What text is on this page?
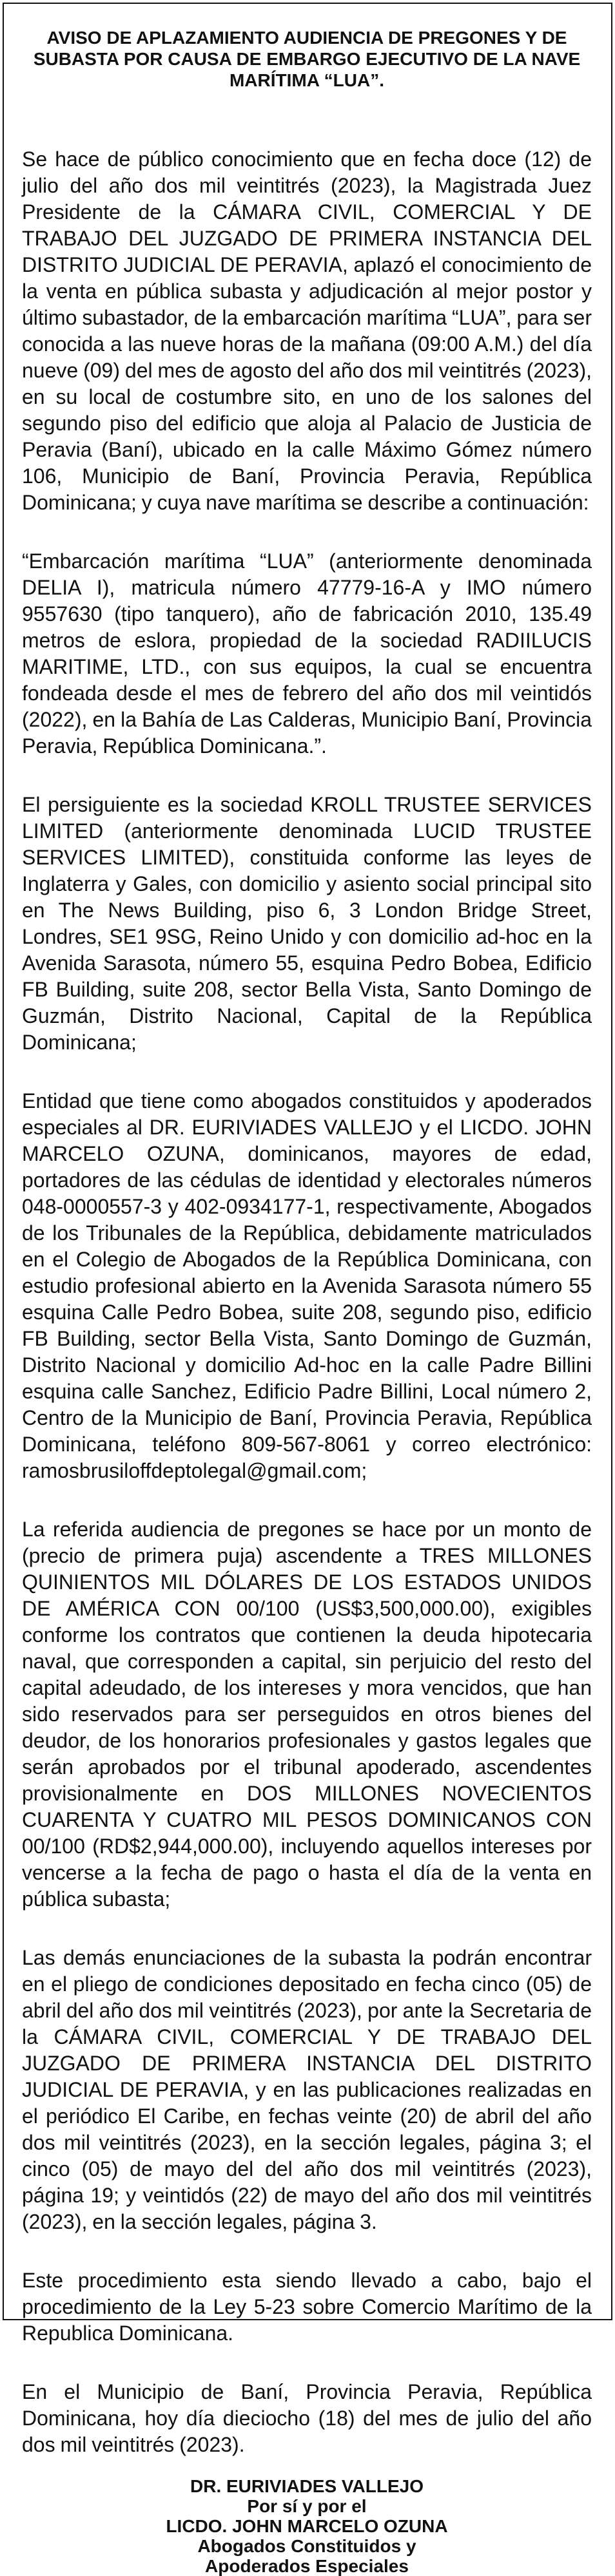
AVISO DE APLAZAMIENTO AUDIENCIA DE PREGONES Y DE SUBASTA POR CAUSA DE EMBARGO EJECUTIVO DE LA NAVE MARÍTIMA “LUA”.

Se hace de público conocimiento que en fecha doce (12) de julio del año dos mil veintitrés (2023), la Magistrada Juez Presidente de la CÁMARA CIVIL, COMERCIAL Y DE TRABAJO DEL JUZGADO DE PRIMERA INSTANCIA DEL DISTRITO JUDICIAL DE PERAVIA, aplazó el conocimiento de la venta en pública subasta y adjudicación al mejor postor y último subastador, de la embarcación marítima “LUA”, para ser conocida a las nueve horas de la mañana (09:00 A.M.) del día nueve (09) del mes de agosto del año dos mil veintitrés (2023), en su local de costumbre sito, en uno de los salones del segundo piso del edificio que aloja al Palacio de Justicia de Peravia (Baní), ubicado en la calle Máximo Gómez número 106, Municipio de Baní, Provincia Peravia, República Dominicana; y cuya nave marítima se describe a continuación:

“Embarcación marítima “LUA” (anteriormente denominada DELIA I), matricula número 47779-16-A y IMO número 9557630 (tipo tanquero), año de fabricación 2010, 135.49 metros de eslora, propiedad de la sociedad RADIILUCIS MARITIME, LTD., con sus equipos, la cual se encuentra fondeada desde el mes de febrero del año dos mil veintidós (2022), en la Bahía de Las Calderas, Municipio Baní, Provincia Peravia, República Dominicana.”.

El persiguiente es la sociedad KROLL TRUSTEE SERVICES LIMITED (anteriormente denominada LUCID TRUSTEE SERVICES LIMITED), constituida conforme las leyes de Inglaterra y Gales, con domicilio y asiento social principal sito en The News Building, piso 6, 3 London Bridge Street, Londres, SE1 9SG, Reino Unido y con domicilio ad-hoc en la Avenida Sarasota, número 55, esquina Pedro Bobea, Edificio FB Building, suite 208, sector Bella Vista, Santo Domingo de Guzmán, Distrito Nacional, Capital de la República Dominicana;

Entidad que tiene como abogados constituidos y apoderados especiales al DR. EURIVIADES VALLEJO y el LICDO. JOHN MARCELO OZUNA, dominicanos, mayores de edad, portadores de las cédulas de identidad y electorales números 048-0000557-3 y 402-0934177-1, respectivamente, Abogados de los Tribunales de la República, debidamente matriculados en el Colegio de Abogados de la República Dominicana, con estudio profesional abierto en la Avenida Sarasota número 55 esquina Calle Pedro Bobea, suite 208, segundo piso, edificio FB Building, sector Bella Vista, Santo Domingo de Guzmán, Distrito Nacional y domicilio Ad-hoc en la calle Padre Billini esquina calle Sanchez, Edificio Padre Billini, Local número 2, Centro de la Municipio de Baní, Provincia Peravia, República Dominicana, teléfono 809-567-8061 y correo electrónico: ramosbrusiloffdeptolegal@gmail.com;

La referida audiencia de pregones se hace por un monto de (precio de primera puja) ascendente a TRES MILLONES QUINIENTOS MIL DÓLARES DE LOS ESTADOS UNIDOS DE AMÉRICA CON 00/100 (US$3,500,000.00), exigibles conforme los contratos que contienen la deuda hipotecaria naval, que corresponden a capital, sin perjuicio del resto del capital adeudado, de los intereses y mora vencidos, que han sido reservados para ser perseguidos en otros bienes del deudor, de los honorarios profesionales y gastos legales que serán aprobados por el tribunal apoderado, ascendentes provisionalmente en DOS MILLONES NOVECIENTOS CUARENTA Y CUATRO MIL PESOS DOMINICANOS CON 00/100 (RD$2,944,000.00), incluyendo aquellos intereses por vencerse a la fecha de pago o hasta el día de la venta en pública subasta;

Las demás enunciaciones de la subasta la podrán encontrar en el pliego de condiciones depositado en fecha cinco (05) de abril del año dos mil veintitrés (2023), por ante la Secretaria de la CÁMARA CIVIL, COMERCIAL Y DE TRABAJO DEL JUZGADO DE PRIMERA INSTANCIA DEL DISTRITO JUDICIAL DE PERAVIA, y en las publicaciones realizadas en el periódico El Caribe, en fechas veinte (20) de abril del año dos mil veintitrés (2023), en la sección legales, página 3; el cinco (05) de mayo del del año dos mil veintitrés (2023), página 19; y veintidós (22) de mayo del año dos mil veintitrés (2023), en la sección legales, página 3.

Este procedimiento esta siendo llevado a cabo, bajo el procedimiento de la Ley 5-23 sobre Comercio Marítimo de la Republica Dominicana.

En el Municipio de Baní, Provincia Peravia, República Dominicana, hoy día dieciocho (18) del mes de julio del año dos mil veintitrés (2023).

DR. EURIVIADES VALLEJO
Por sí y por el
LICDO. JOHN MARCELO OZUNA
Abogados Constituidos y
Apoderados Especiales
